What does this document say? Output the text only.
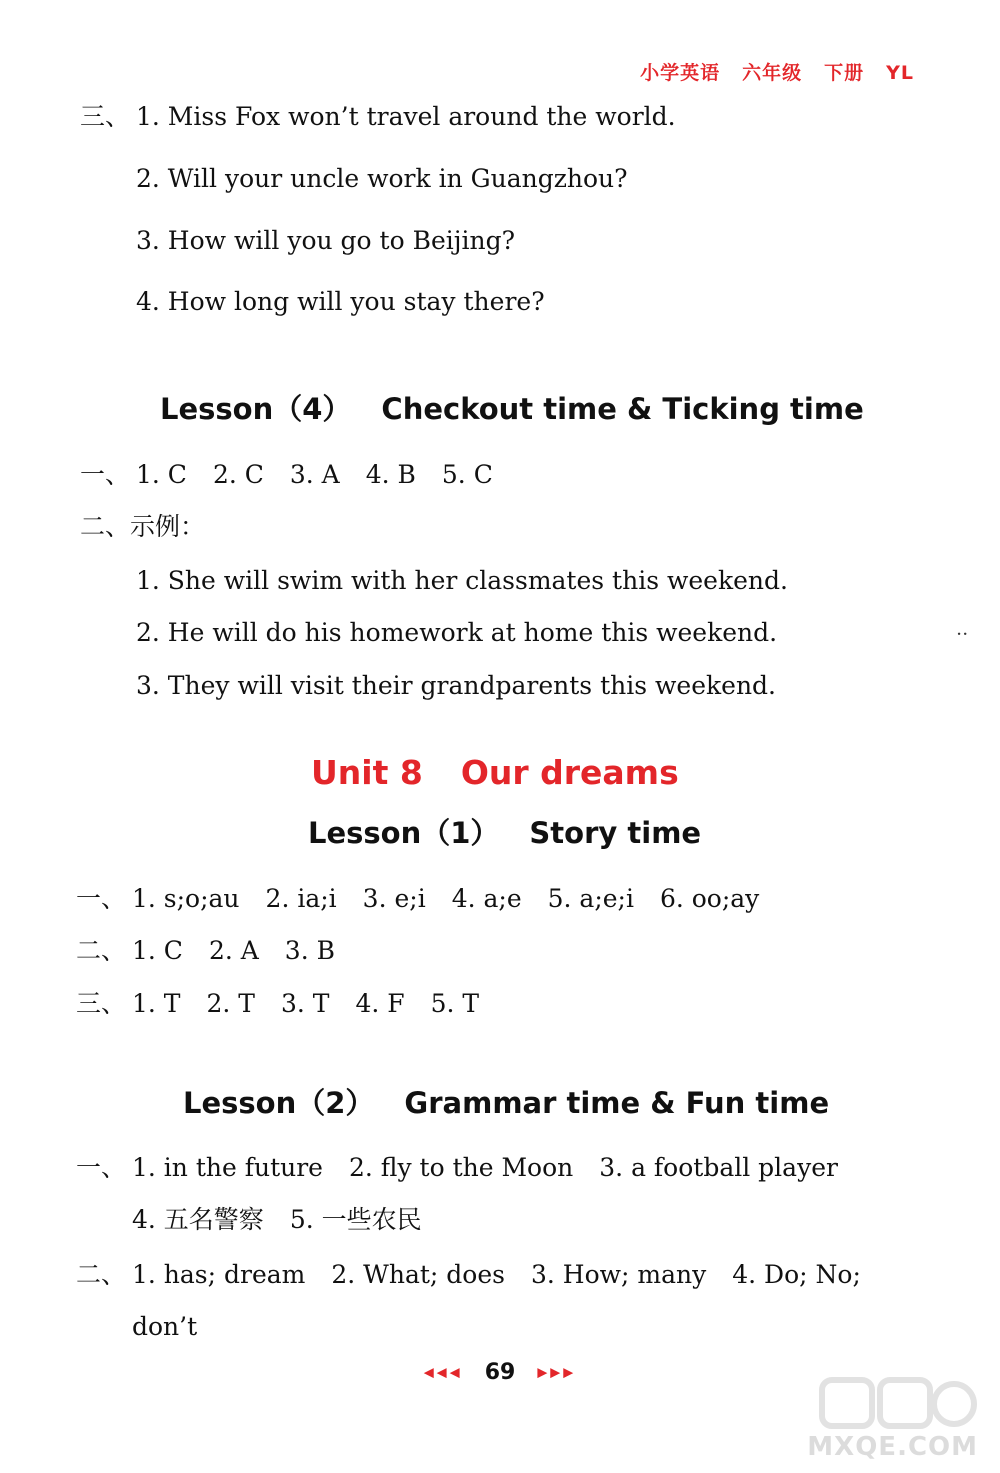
小学英语 六年级 下册 YL
三、 1. Miss Fox won’t travel around the world.
2. Will your uncle work in Guangzhou?
3. How will you go to Beijing?
4. How long will you stay there?
Lesson（4） Checkout time & Ticking time
一、 1. C 2. C 3. A 4. B 5. C
二、示例：
1. She will swim with her classmates this weekend.
2. He will do his homework at home this weekend.
3. They will visit their grandparents this weekend.
⋅⋅
Unit 8 Our dreams
Lesson（1） Story time
一、 1. s;o;au 2. ia;i 3. e;i 4. a;e 5. a;e;i 6. oo;ay
二、 1. C 2. A 3. B
三、 1. T 2. T 3. T 4. F 5. T
Lesson（2） Grammar time & Fun time
一、 1. in the future 2. fly to the Moon 3. a football player
4. 五名警察 5. 一些农民
二、 1. has; dream 2. What; does 3. How; many 4. Do; No;
don’t
◀◀◀ 69 ▶▶▶
MXQE.COM
